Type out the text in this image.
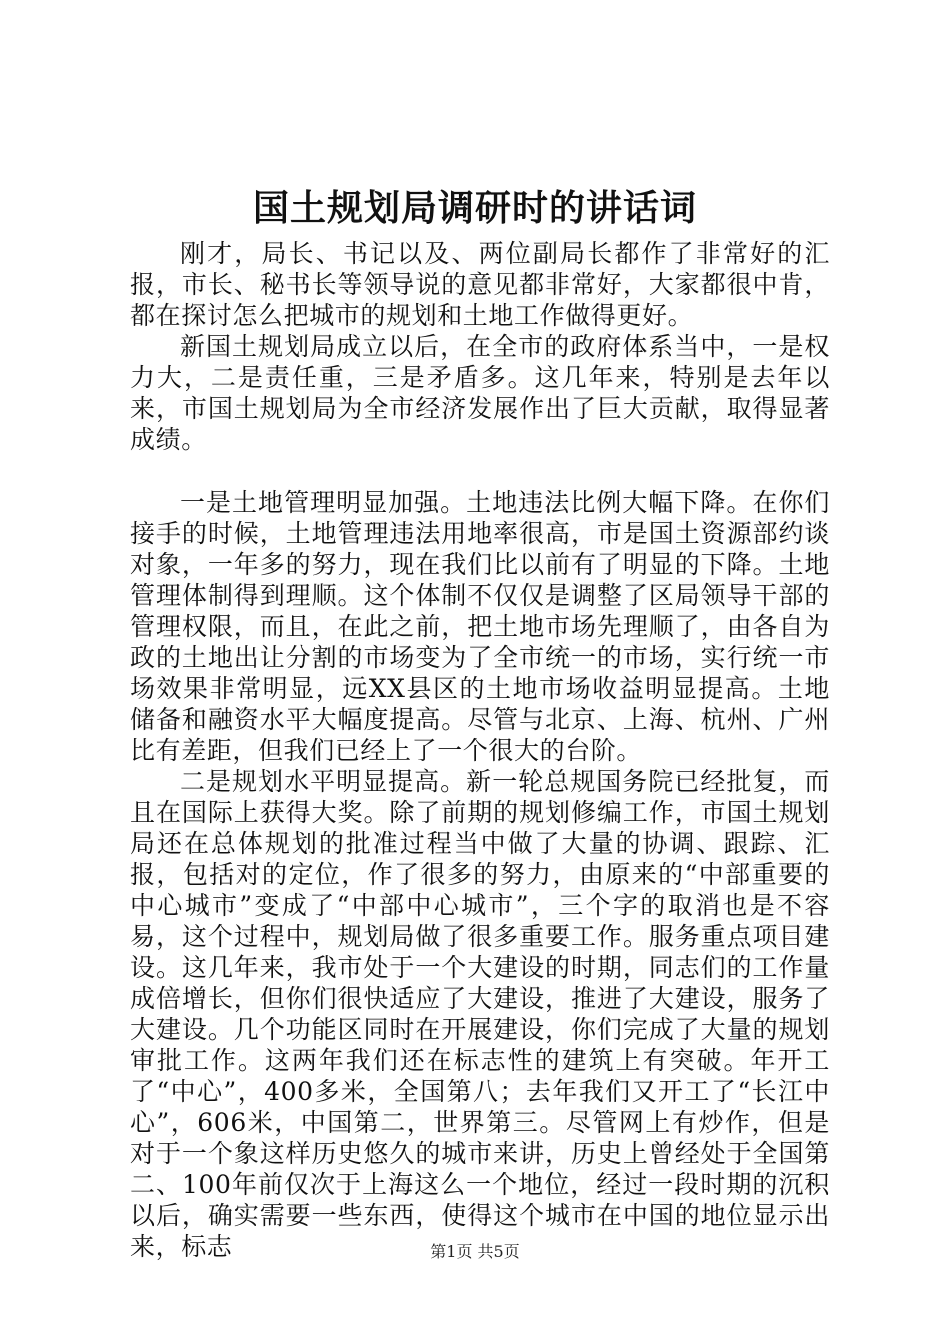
国土规划局调研时的讲话词

刚才，局长、书记以及、两位副局长都作了非常好的汇报，市长、秘书长等领导说的意见都非常好，大家都很中肯，都在探讨怎么把城市的规划和土地工作做得更好。

新国土规划局成立以后，在全市的政府体系当中，一是权力大，二是责任重，三是矛盾多。这几年来，特别是去年以来，市国土规划局为全市经济发展作出了巨大贡献，取得显著成绩。

一是土地管理明显加强。土地违法比例大幅下降。在你们接手的时候，土地管理违法用地率很高，市是国土资源部约谈对象，一年多的努力，现在我们比以前有了明显的下降。土地管理体制得到理顺。这个体制不仅仅是调整了区局领导干部的管理权限，而且，在此之前，把土地市场先理顺了，由各自为政的土地出让分割的市场变为了全市统一的市场，实行统一市场效果非常明显，远XX县区的土地市场收益明显提高。土地储备和融资水平大幅度提高。尽管与北京、上海、杭州、广州比有差距，但我们已经上了一个很大的台阶。

二是规划水平明显提高。新一轮总规国务院已经批复，而且在国际上获得大奖。除了前期的规划修编工作，市国土规划局还在总体规划的批准过程当中做了大量的协调、跟踪、汇报，包括对的定位，作了很多的努力，由原来的“中部重要的中心城市”变成了“中部中心城市”，三个字的取消也是不容易，这个过程中，规划局做了很多重要工作。服务重点项目建设。这几年来，我市处于一个大建设的时期，同志们的工作量成倍增长，但你们很快适应了大建设，推进了大建设，服务了大建设。几个功能区同时在开展建设，你们完成了大量的规划审批工作。这两年我们还在标志性的建筑上有突破。年开工了“中心”，400多米，全国第八；去年我们又开工了“长江中心”，606米，中国第二，世界第三。尽管网上有炒作，但是对于一个象这样历史悠久的城市来讲，历史上曾经处于全国第二、100年前仅次于上海这么一个地位，经过一段时期的沉积以后，确实需要一些东西，使得这个城市在中国的地位显示出来，标志	第1页 共5页
